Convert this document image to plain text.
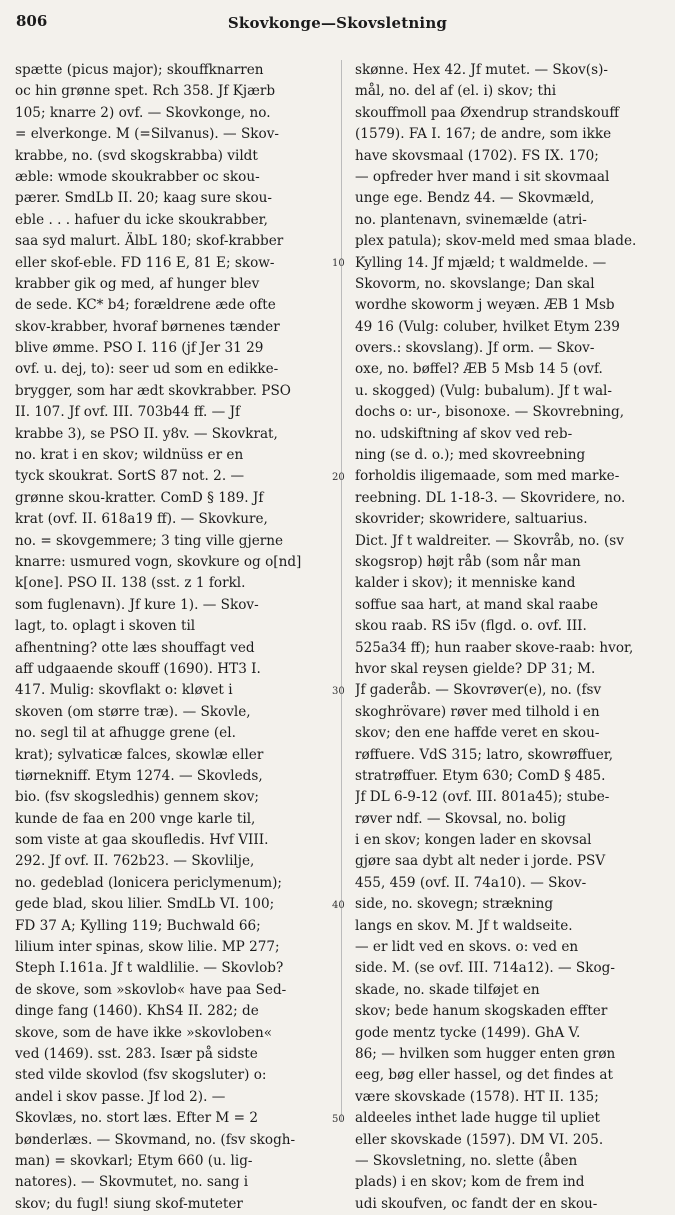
806	Skovkonge—Skovsletning
spætte (picus major); skouffknarren
oc hin grønne spet. Rch 358. Jf Kjærb
105; knarre 2) ovf. — Skovkonge, no.
= elverkonge. M (=Silvanus). — Skov-
krabbe, no. (svd skogskrabba) vildt
æble: wmode skoukrabber oc skou-
pærer. SmdLb II. 20; kaag sure skou-
eble . . . hafuer du icke skoukrabber,
saa syd malurt. ÄlbL 180; skof-krabber
eller skof-eble. FD 116 E, 81 E; skow-
krabber gik og med, af hunger blev
de sede. KC* b4; forældrene æde ofte
skov-krabber, hvoraf børnenes tænder
blive ømme. PSO I. 116 (jf Jer 31 29
ovf. u. dej, to): seer ud som en edikke-
brygger, som har ædt skovkrabber. PSO
II. 107. Jf ovf. III. 703b44 ff. — Jf
krabbe 3), se PSO II. y8v. — Skovkrat,
no. krat i en skov; wildnüss er en
tyck skoukrat. SortS 87 not. 2. —
grønne skou-kratter. ComD § 189. Jf
krat (ovf. II. 618a19 ff). — Skovkure,
no. = skovgemmere; 3 ting ville gjerne
knarre: usmured vogn, skovkure og o[nd]
k[one]. PSO II. 138 (sst. z 1 forkl.
som fuglenavn). Jf kure 1). — Skov-
lagt, to. oplagt i skoven til
afhentning? otte læs shouffagt ved
aff udgaaende skouff (1690). HT3 I.
417. Mulig: skovflakt o: kløvet i
skoven (om større træ). — Skovle,
no. segl til at afhugge grene (el.
krat); sylvaticæ falces, skowlæ eller
tiørnekniff. Etym 1274. — Skovleds,
bio. (fsv skogsledhis) gennem skov;
kunde de faa en 200 vnge karle til,
som viste at gaa skoufledis. Hvf VIII.
292. Jf ovf. II. 762b23. — Skovlilje,
no. gedeblad (lonicera periclymenum);
gede blad, skou lilier. SmdLb VI. 100;
FD 37 A; Kylling 119; Buchwald 66;
lilium inter spinas, skow lilie. MP 277;
Steph I.161a. Jf t waldlilie. — Skovlob?
de skove, som »skovlob« have paa Sed-
dinge fang (1460). KhS4 II. 282; de
skove, som de have ikke »skovloben«
ved (1469). sst. 283. Især på sidste
sted vilde skovlod (fsv skogsluter) o:
andel i skov passe. Jf lod 2). —
Skovlæs, no. stort læs. Efter M = 2
bønderlæs. — Skovmand, no. (fsv skogh-
man) = skovkarl; Etym 660 (u. lig-
natores). — Skovmutet, no. sang i
skov; du fugl! siung skof-muteter
10
20
30
40
50
skønne. Hex 42. Jf mutet. — Skov(s)-
mål, no. del af (el. i) skov; thi
skouffmoll paa Øxendrup strandskouff
(1579). FA I. 167; de andre, som ikke
have skovsmaal (1702). FS IX. 170;
— opfreder hver mand i sit skovmaal
unge ege. Bendz 44. — Skovmæld,
no. plantenavn, svinemælde (atri-
plex patula); skov-meld med smaa blade.
Kylling 14. Jf mjæld; t waldmelde. —
Skovorm, no. skovslange; Dan skal
wordhe skoworm j weyæn. ÆB 1 Msb
49 16 (Vulg: coluber, hvilket Etym 239
overs.: skovslang). Jf orm. — Skov-
oxe, no. bøffel? ÆB 5 Msb 14 5 (ovf.
u. skogged) (Vulg: bubalum). Jf t wal-
dochs o: ur-, bisonoxe. — Skovrebning,
no. udskiftning af skov ved reb-
ning (se d. o.); med skovreebning
forholdis iligemaade, som med marke-
reebning. DL 1-18-3. — Skovridere, no.
skovrider; skowridere, saltuarius.
Dict. Jf t waldreiter. — Skovråb, no. (sv
skogsrop) højt råb (som når man
kalder i skov); it menniske kand
soffue saa hart, at mand skal raabe
skou raab. RS i5v (flgd. o. ovf. III.
525a34 ff); hun raaber skove-raab: hvor,
hvor skal reysen gielde? DP 31; M.
Jf gaderåb. — Skovrøver(e), no. (fsv
skoghrövare) røver med tilhold i en
skov; den ene haffde veret en skou-
røffuere. VdS 315; latro, skowrøffuer,
stratrøffuer. Etym 630; ComD § 485.
Jf DL 6-9-12 (ovf. III. 801a45); stube-
røver ndf. — Skovsal, no. bolig
i en skov; kongen lader en skovsal
gjøre saa dybt alt neder i jorde. PSV
455, 459 (ovf. II. 74a10). — Skov-
side, no. skovegn; strækning
langs en skov. M. Jf t waldseite.
— er lidt ved en skovs. o: ved en
side. M. (se ovf. III. 714a12). — Skog-
skade, no. skade tilføjet en
skov; bede hanum skogskaden effter
gode mentz tycke (1499). GhA V.
86; — hvilken som hugger enten grøn
eeg, bøg eller hassel, og det findes at
være skovskade (1578). HT II. 135;
aldeeles inthet lade hugge til upliet
eller skovskade (1597). DM VI. 205.
— Skovsletning, no. slette (åben
plads) i en skov; kom de frem ind
udi skoufven, oc fandt der en skou-
